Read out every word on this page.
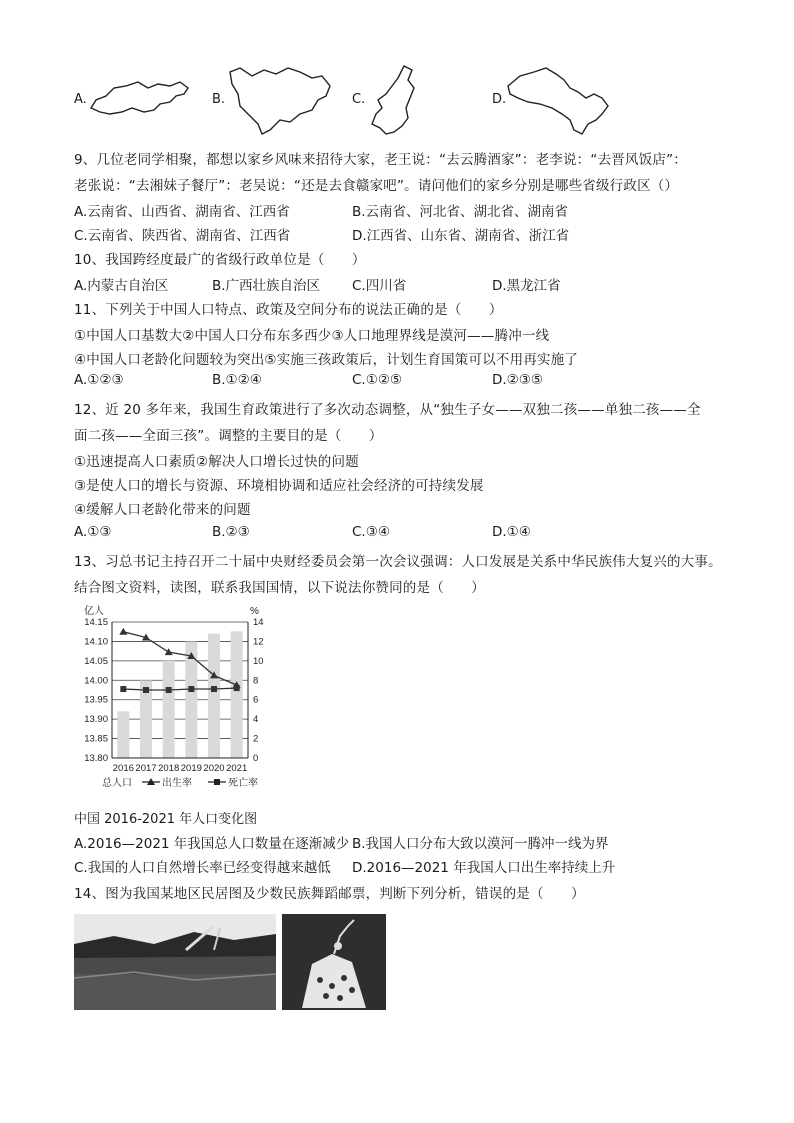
A.	B.	C.	D.
9、几位老同学相聚，都想以家乡风味来招待大家，老王说：“去云腾酒家”：老李说：“去晋风饭店”：
老张说：“去湘妹子餐厅”：老吴说：“还是去食赣家吧”。请问他们的家乡分别是哪些省级行政区（）
A.云南省、山西省、湖南省、江西省	B.云南省、河北省、湖北省、湖南省
C.云南省、陕西省、湖南省、江西省	D.江西省、山东省、湖南省、浙江省
10、我国跨经度最广的省级行政单位是（　　）
A.内蒙古自治区	B.广西壮族自治区 C.四川省	D.黑龙江省
11、下列关于中国人口特点、政策及空间分布的说法正确的是（　　）
①中国人口基数大②中国人口分布东多西少③人口地理界线是漠河——腾冲一线
④中国人口老龄化问题较为突出⑤实施三孩政策后，计划生育国策可以不用再实施了
A.①②③	B.①②④	C.①②⑤	D.②③⑤
12、近 20 多年来，我国生育政策进行了多次动态调整，从“独生子女——双独二孩——单独二孩——全
面二孩——全面三孩”。调整的主要目的是（　　）
①迅速提高人口素质②解决人口增长过快的问题
③是使人口的增长与资源、环境相协调和适应社会经济的可持续发展
④缓解人口老龄化带来的问题
A.①③	B.②③	C.③④	D.①④
13、习总书记主持召开二十届中央财经委员会第一次会议强调：人口发展是关系中华民族伟大复兴的大事。
结合图文资料，读图，联系我国国情，以下说法你赞同的是（　　）
14.15
14.10
14.05
14.00
13.95
13.90
13.85
13.80
14
12
10
8
6
4
2
0
亿人	%
2016 2017 2018 2019 2020 2021
总人口	出生率	死亡率
中国 2016-2021 年人口变化图
A.2016—2021 年我国总人口数量在逐渐减少 B.我国人口分布大致以漠河一腾冲一线为界
C.我国的人口自然增长率已经变得越来越低 D.2016—2021 年我国人口出生率持续上升
14、图为我国某地区民居图及少数民族舞蹈邮票，判断下列分析，错误的是（　　）
